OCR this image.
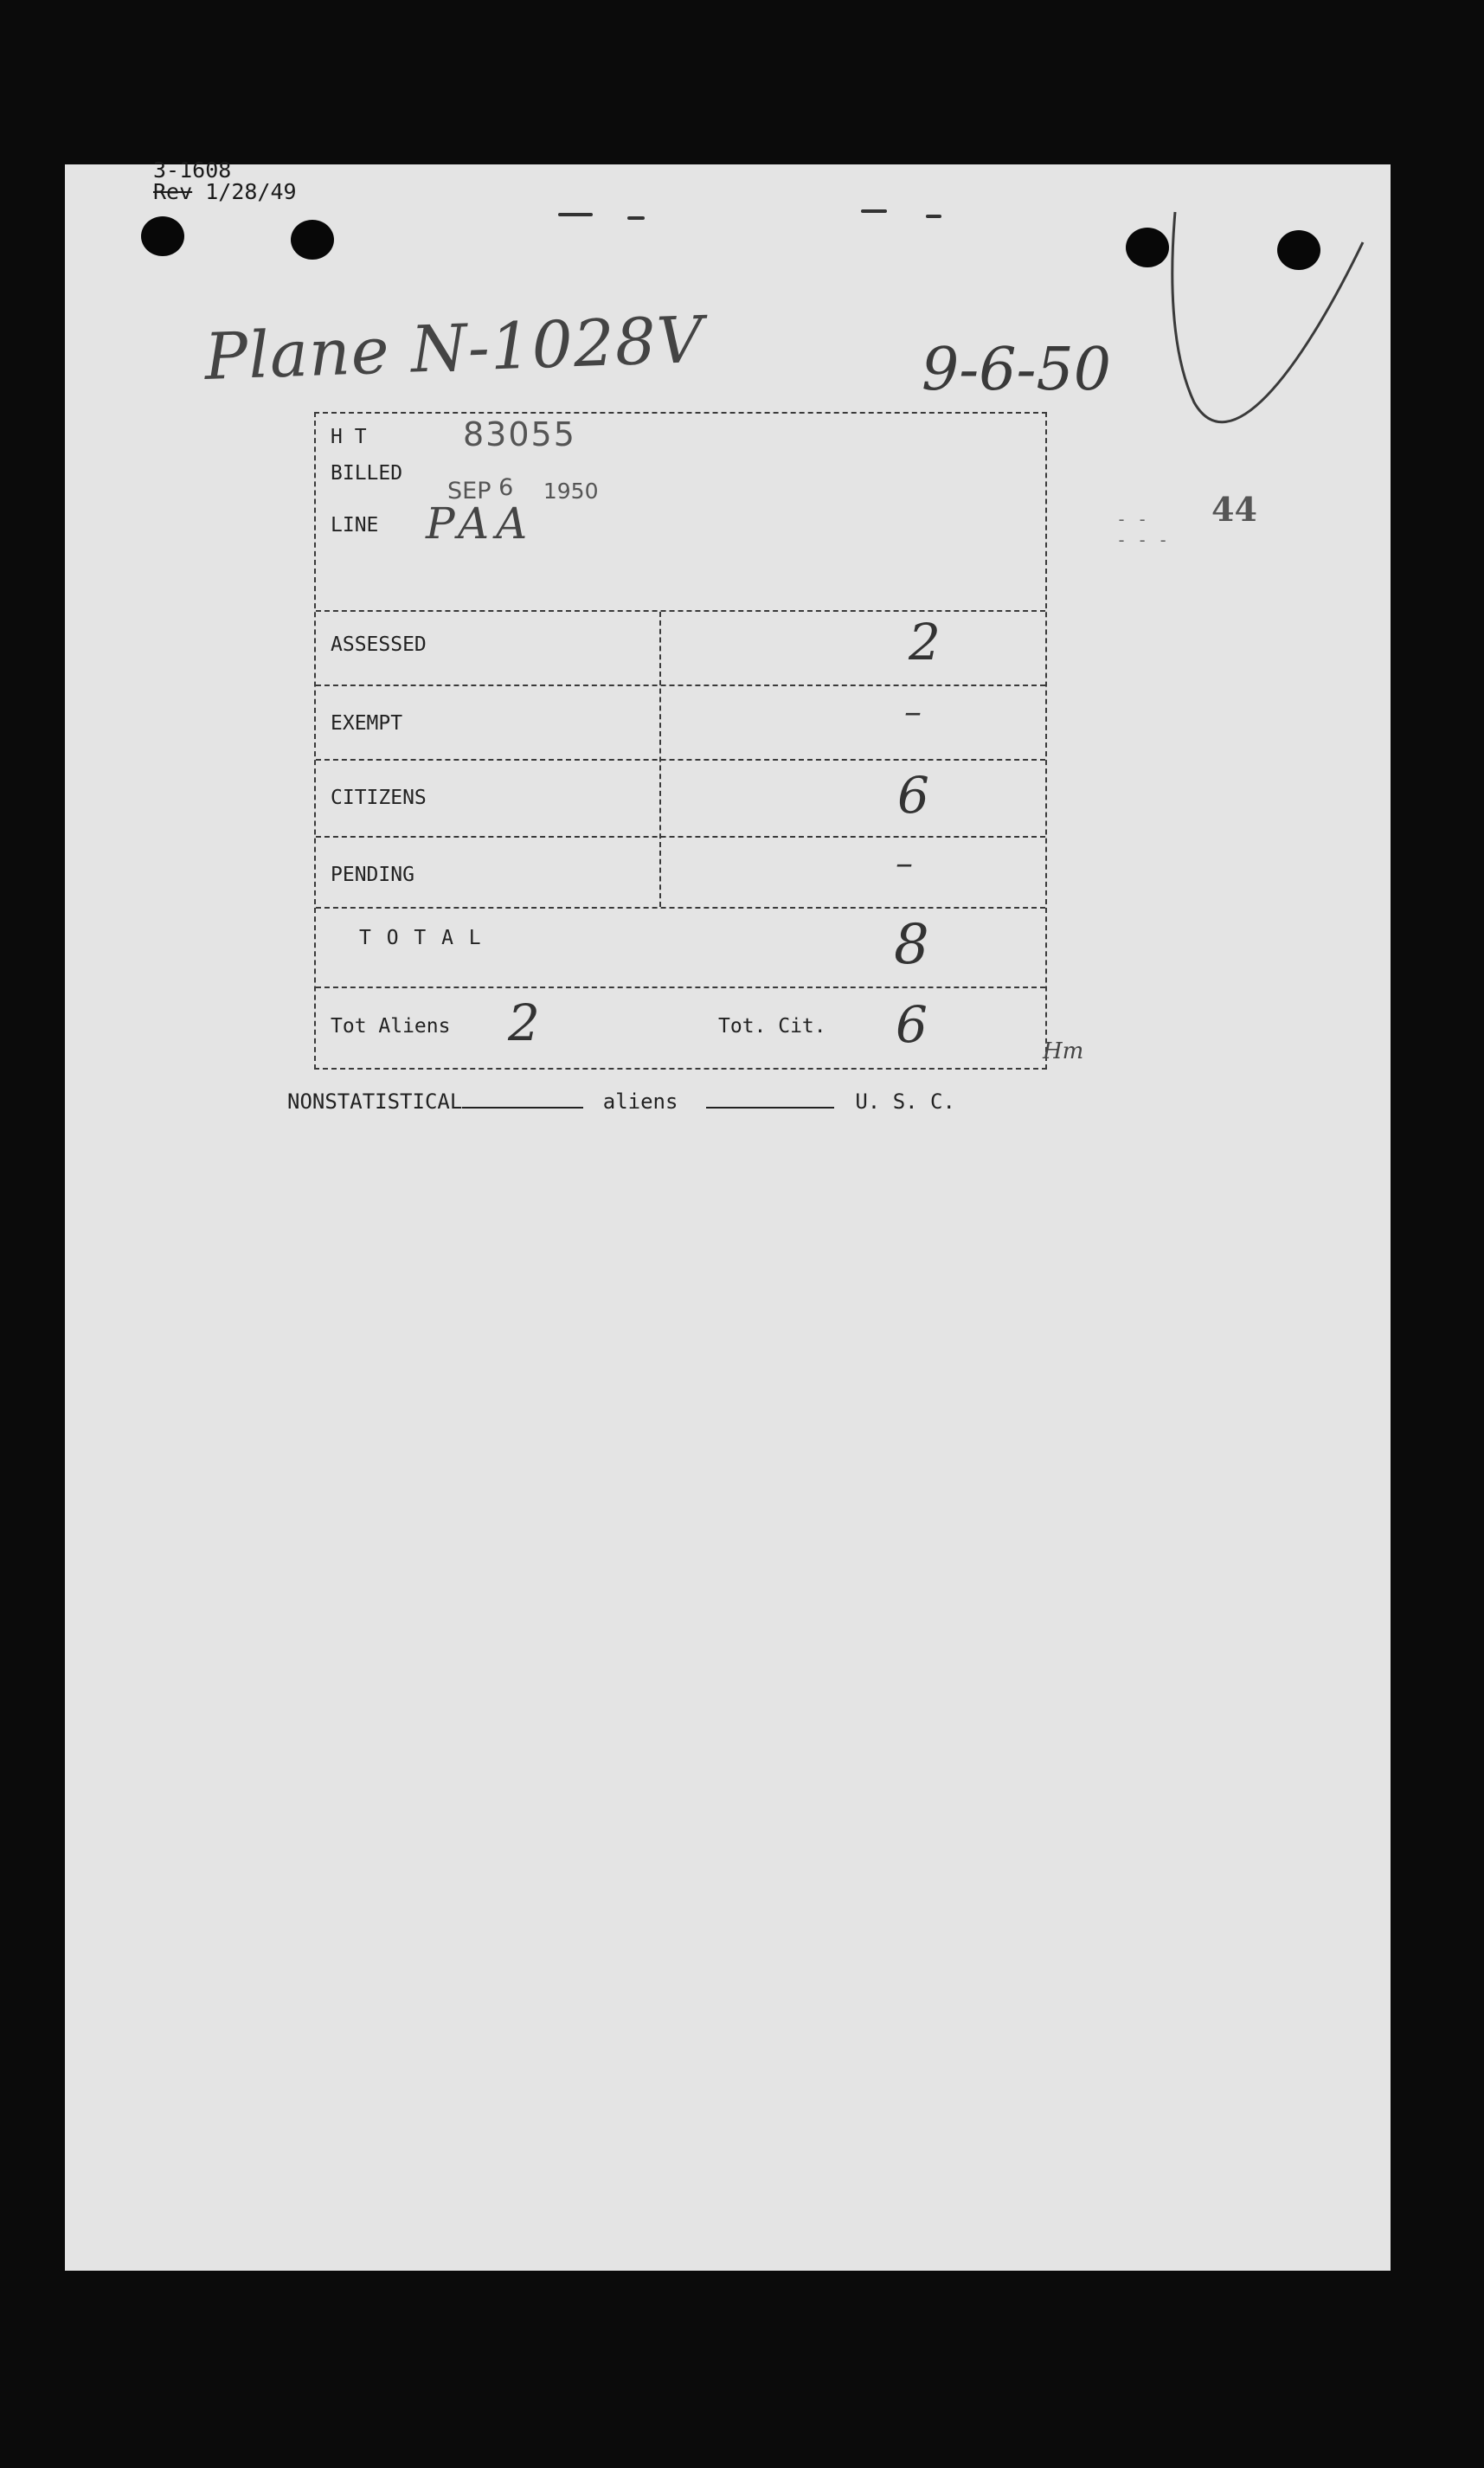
3-1608
Rev 1/28/49
Plane N-1028V	9-6-50
- -
- - -
44
H T	83055
BILLED
SEP 6 1950
LINE PAA
ASSESSED	2
EXEMPT	–
CITIZENS	6
PENDING	–
T O T A L	8
Tot Aliens 2	Tot. Cit. 6	Hm
NONSTATISTICAL	aliens	U. S. C.
